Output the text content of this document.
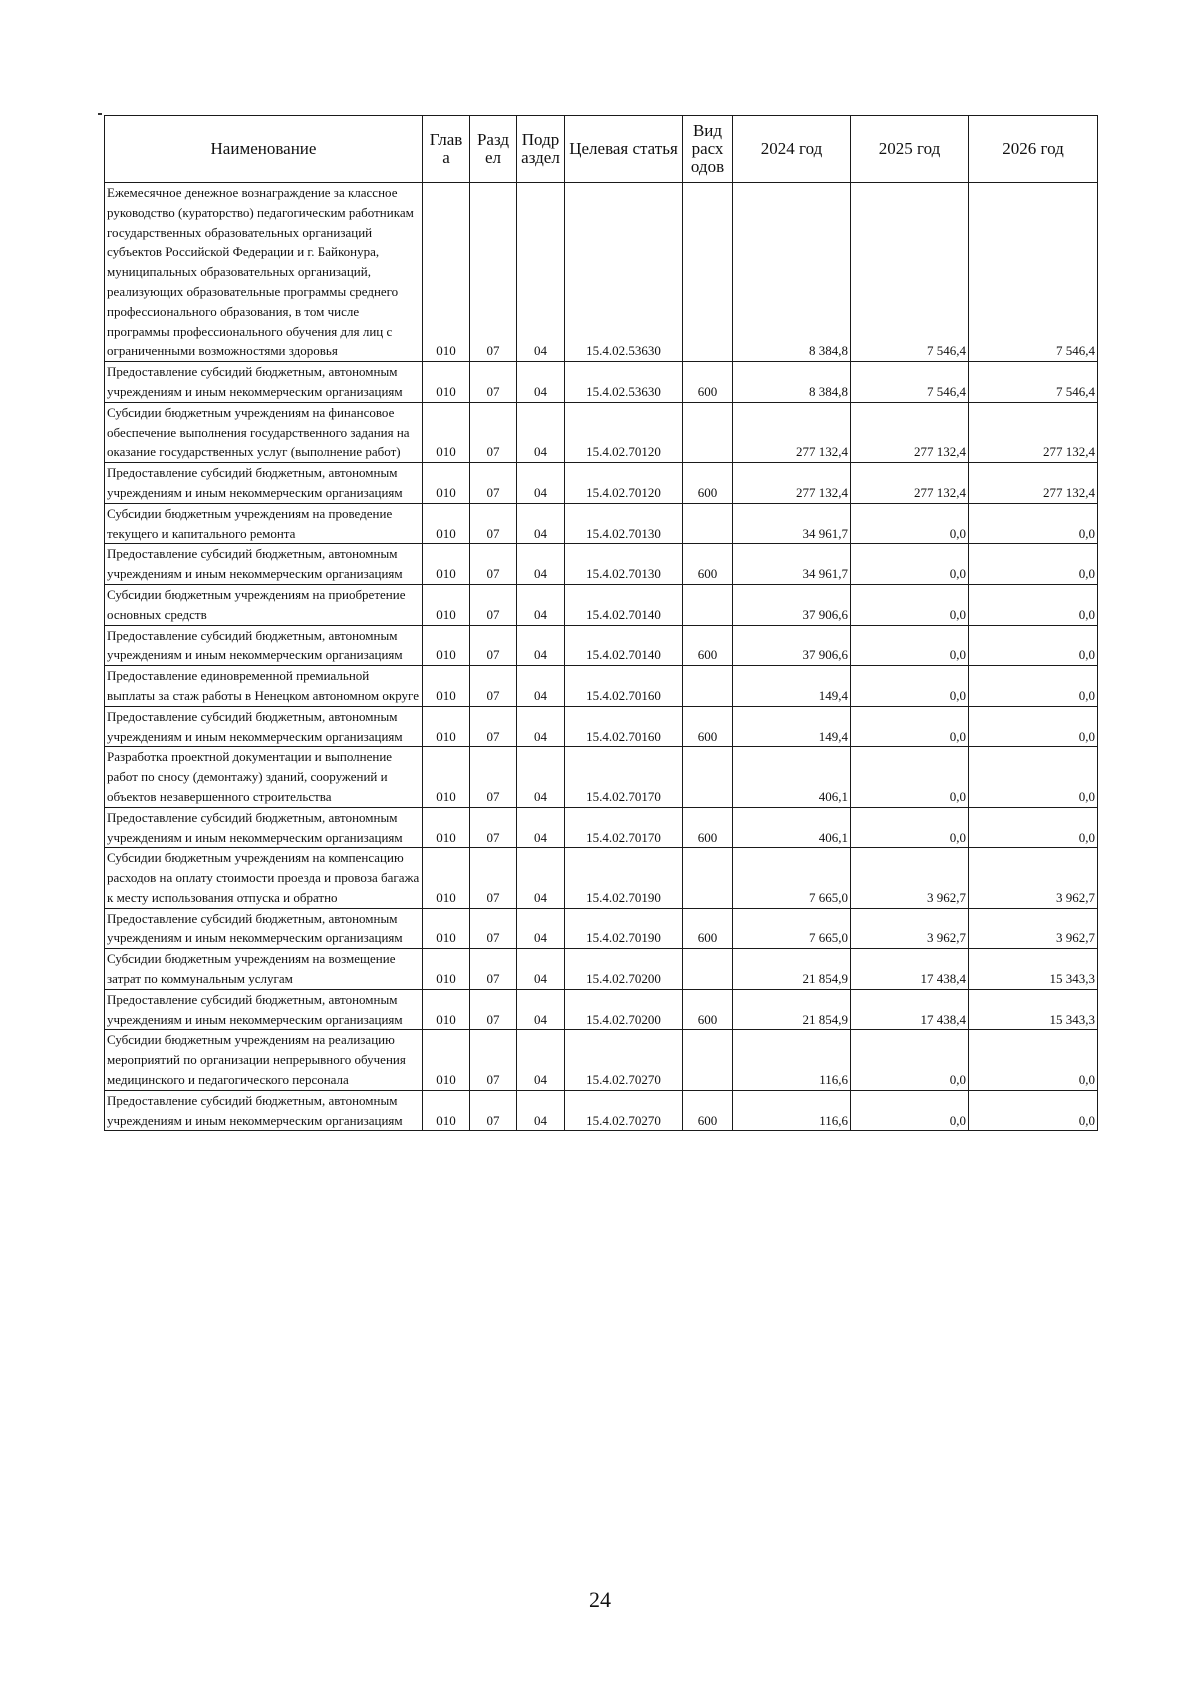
Наименование	Глав а	Разд ел	Подр аздел	Целевая статья	Вид расх одов	2024 год	2025 год	2026 год
Ежемесячное денежное вознаграждение за классное руководство (кураторство) педагогическим работникам государственных образовательных организаций субъектов Российской Федерации и г. Байконура, муниципальных образовательных организаций, реализующих образовательные программы среднего профессионального образования, в том числе программы профессионального обучения для лиц с ограниченными возможностями здоровья	010	07	04	15.4.02.53630		8 384,8	7 546,4	7 546,4
Предоставление субсидий бюджетным, автономным учреждениям и иным некоммерческим организациям	010	07	04	15.4.02.53630	600	8 384,8	7 546,4	7 546,4
Субсидии бюджетным учреждениям на финансовое обеспечение выполнения государственного задания на оказание государственных услуг (выполнение работ)	010	07	04	15.4.02.70120		277 132,4	277 132,4	277 132,4
Предоставление субсидий бюджетным, автономным учреждениям и иным некоммерческим организациям	010	07	04	15.4.02.70120	600	277 132,4	277 132,4	277 132,4
Субсидии бюджетным учреждениям на проведение текущего и капитального ремонта	010	07	04	15.4.02.70130		34 961,7	0,0	0,0
Предоставление субсидий бюджетным, автономным учреждениям и иным некоммерческим организациям	010	07	04	15.4.02.70130	600	34 961,7	0,0	0,0
Субсидии бюджетным учреждениям на приобретение основных средств	010	07	04	15.4.02.70140		37 906,6	0,0	0,0
Предоставление субсидий бюджетным, автономным учреждениям и иным некоммерческим организациям	010	07	04	15.4.02.70140	600	37 906,6	0,0	0,0
Предоставление единовременной премиальной выплаты за стаж работы в Ненецком автономном округе	010	07	04	15.4.02.70160		149,4	0,0	0,0
Предоставление субсидий бюджетным, автономным учреждениям и иным некоммерческим организациям	010	07	04	15.4.02.70160	600	149,4	0,0	0,0
Разработка проектной документации и выполнение работ по сносу (демонтажу) зданий, сооружений и объектов незавершенного строительства	010	07	04	15.4.02.70170		406,1	0,0	0,0
Предоставление субсидий бюджетным, автономным учреждениям и иным некоммерческим организациям	010	07	04	15.4.02.70170	600	406,1	0,0	0,0
Субсидии бюджетным учреждениям на компенсацию расходов на оплату стоимости проезда и провоза багажа к месту использования отпуска и обратно	010	07	04	15.4.02.70190		7 665,0	3 962,7	3 962,7
Предоставление субсидий бюджетным, автономным учреждениям и иным некоммерческим организациям	010	07	04	15.4.02.70190	600	7 665,0	3 962,7	3 962,7
Субсидии бюджетным учреждениям на возмещение затрат по коммунальным услугам	010	07	04	15.4.02.70200		21 854,9	17 438,4	15 343,3
Предоставление субсидий бюджетным, автономным учреждениям и иным некоммерческим организациям	010	07	04	15.4.02.70200	600	21 854,9	17 438,4	15 343,3
Субсидии бюджетным учреждениям на реализацию мероприятий по организации непрерывного обучения медицинского и педагогического персонала	010	07	04	15.4.02.70270		116,6	0,0	0,0
Предоставление субсидий бюджетным, автономным учреждениям и иным некоммерческим организациям	010	07	04	15.4.02.70270	600	116,6	0,0	0,0
24
